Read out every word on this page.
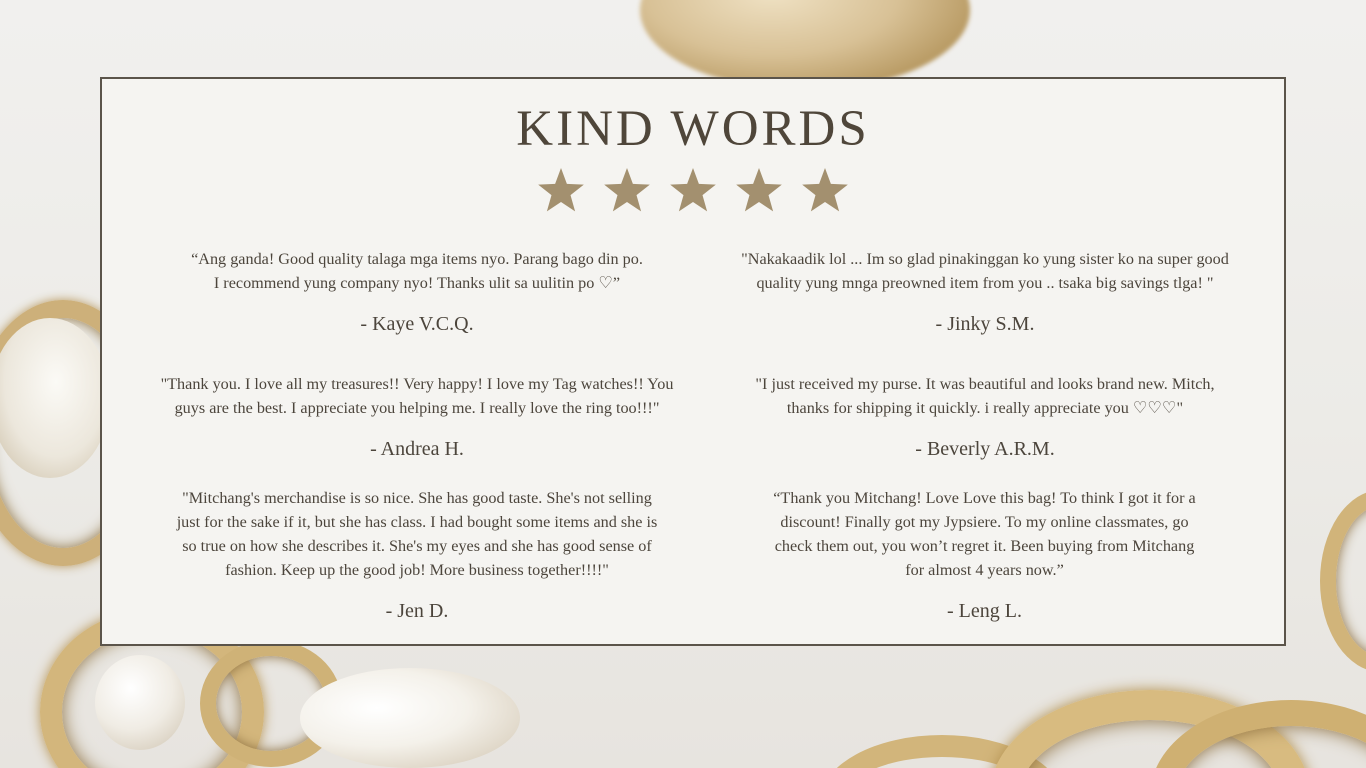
KIND WORDS

“Ang ganda! Good quality talaga mga items nyo. Parang bago din po.
I recommend yung company nyo! Thanks ulit sa uulitin po ♡”

- Kaye V.C.Q.

"Nakakaadik lol ... Im so glad pinakinggan ko yung sister ko na super good
quality yung mnga preowned item from you .. tsaka big savings tlga! "

- Jinky S.M.

"Thank you. I love all my treasures!! Very happy! I love my Tag watches!! You
guys are the best. I appreciate you helping me. I really love the ring too!!!"

- Andrea H.

"I just received my purse. It was beautiful and looks brand new. Mitch,
thanks for shipping it quickly. i really appreciate you ♡♡♡"

- Beverly A.R.M.

"Mitchang's merchandise is so nice. She has good taste. She's not selling
just for the sake if it, but she has class. I had bought some items and she is
so true on how she describes it. She's my eyes and she has good sense of
fashion. Keep up the good job! More business together!!!!"

- Jen D.

“Thank you Mitchang! Love Love this bag! To think I got it for a
discount! Finally got my Jypsiere. To my online classmates, go
check them out, you won’t regret it. Been buying from Mitchang
for almost 4 years now.”

- Leng L.
